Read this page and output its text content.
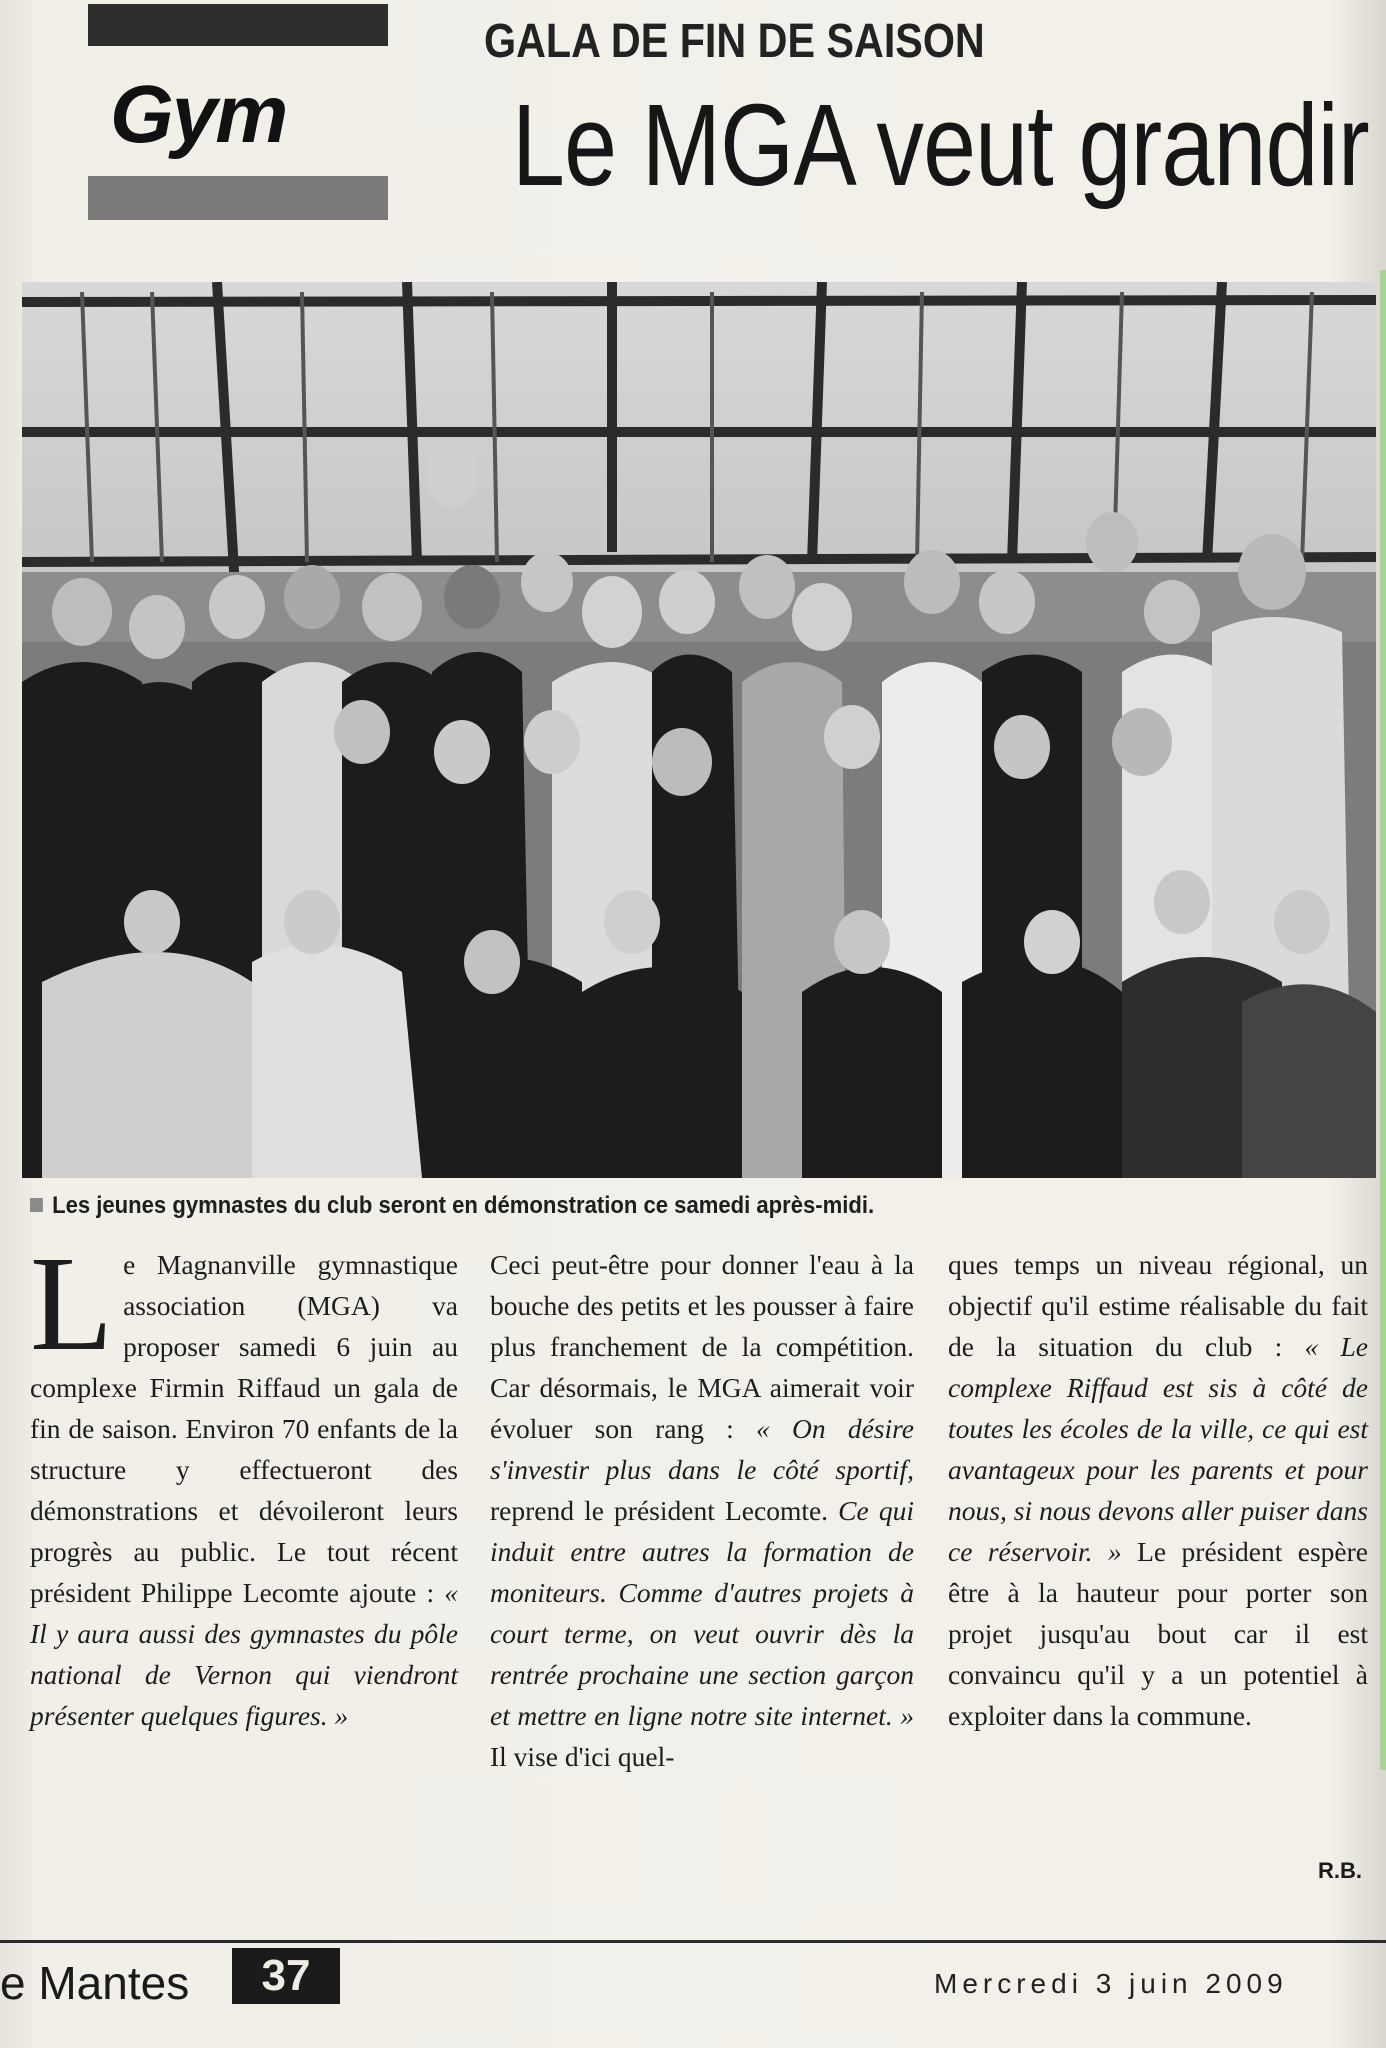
Gym
GALA DE FIN DE SAISON
Le MGA veut grandir
Les jeunes gymnastes du club seront en démonstration ce samedi après-midi.
Le Magnanville gymnastique association (MGA) va proposer samedi 6 juin au complexe Firmin Riffaud un gala de fin de saison. Environ 70 enfants de la structure y effectueront des démonstrations et dévoileront leurs progrès au public. Le tout récent président Philippe Lecomte ajoute : « Il y aura aussi des gymnastes du pôle national de Vernon qui viendront présenter quelques figures. »
Ceci peut-être pour donner l'eau à la bouche des petits et les pousser à faire plus franchement de la compétition. Car désormais, le MGA aimerait voir évoluer son rang : « On désire s'investir plus dans le côté sportif, reprend le président Lecomte. Ce qui induit entre autres la formation de moniteurs. Comme d'autres projets à court terme, on veut ouvrir dès la rentrée prochaine une section garçon et mettre en ligne notre site internet. » Il vise d'ici quel-
ques temps un niveau régional, un objectif qu'il estime réalisable du fait de la situation du club : « Le complexe Riffaud est sis à côté de toutes les écoles de la ville, ce qui est avantageux pour les parents et pour nous, si nous devons aller puiser dans ce réservoir. » Le président espère être à la hauteur pour porter son projet jusqu'au bout car il est convaincu qu'il y a un potentiel à exploiter dans la commune.
R.B.
e Mantes	37	Mercredi 3 juin 2009
